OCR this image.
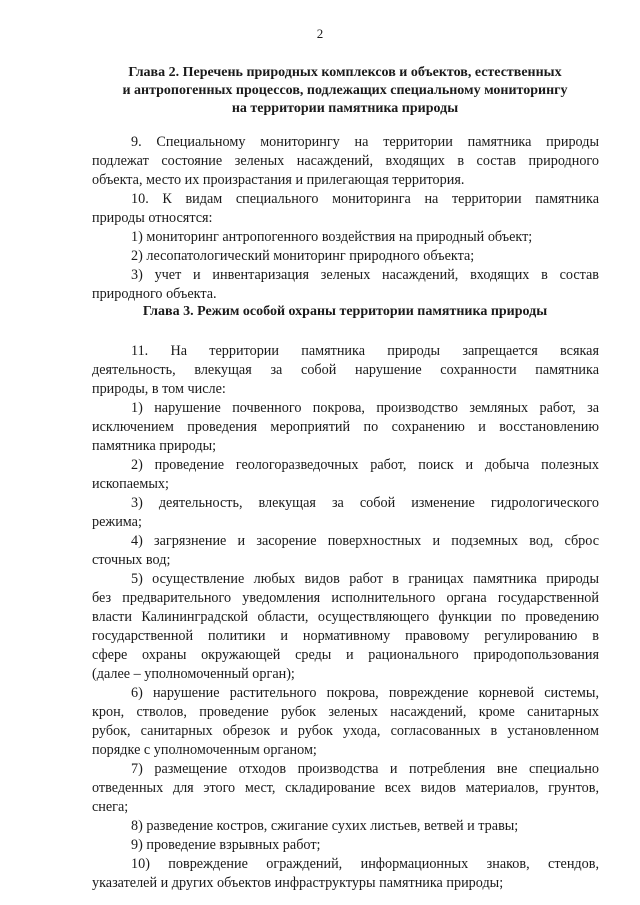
2
Глава 2. Перечень природных комплексов и объектов, естественных
и антропогенных процессов, подлежащих специальному мониторингу
на территории памятника природы
Глава 3. Режим особой охраны территории памятника природы
9. Специальному мониторингу на территории памятника природы
подлежат состояние зеленых насаждений, входящих в состав природного
объекта, место их произрастания и прилегающая территория.
10. К видам специального мониторинга на территории памятника
природы относятся:
1) мониторинг антропогенного воздействия на природный объект;
2) лесопатологический мониторинг природного объекта;
3) учет и инвентаризация зеленых насаждений, входящих в состав
природного объекта.
11. На территории памятника природы запрещается всякая
деятельность, влекущая за собой нарушение сохранности памятника
природы, в том числе:
1) нарушение почвенного покрова, производство земляных работ, за
исключением проведения мероприятий по сохранению и восстановлению
памятника природы;
2) проведение геологоразведочных работ, поиск и добыча полезных
ископаемых;
3) деятельность, влекущая за собой изменение гидрологического
режима;
4) загрязнение и засорение поверхностных и подземных вод, сброс
сточных вод;
5) осуществление любых видов работ в границах памятника природы
без предварительного уведомления исполнительного органа государственной
власти Калининградской области, осуществляющего функции по проведению
государственной политики и нормативному правовому регулированию в
сфере охраны окружающей среды и рационального природопользования
(далее – уполномоченный орган);
6) нарушение растительного покрова, повреждение корневой системы,
крон, стволов, проведение рубок зеленых насаждений, кроме санитарных
рубок, санитарных обрезок и рубок ухода, согласованных в установленном
порядке с уполномоченным органом;
7) размещение отходов производства и потребления вне специально
отведенных для этого мест, складирование всех видов материалов, грунтов,
снега;
8) разведение костров, сжигание сухих листьев, ветвей и травы;
9) проведение взрывных работ;
10) повреждение ограждений, информационных знаков, стендов,
указателей и других объектов инфраструктуры памятника природы;
